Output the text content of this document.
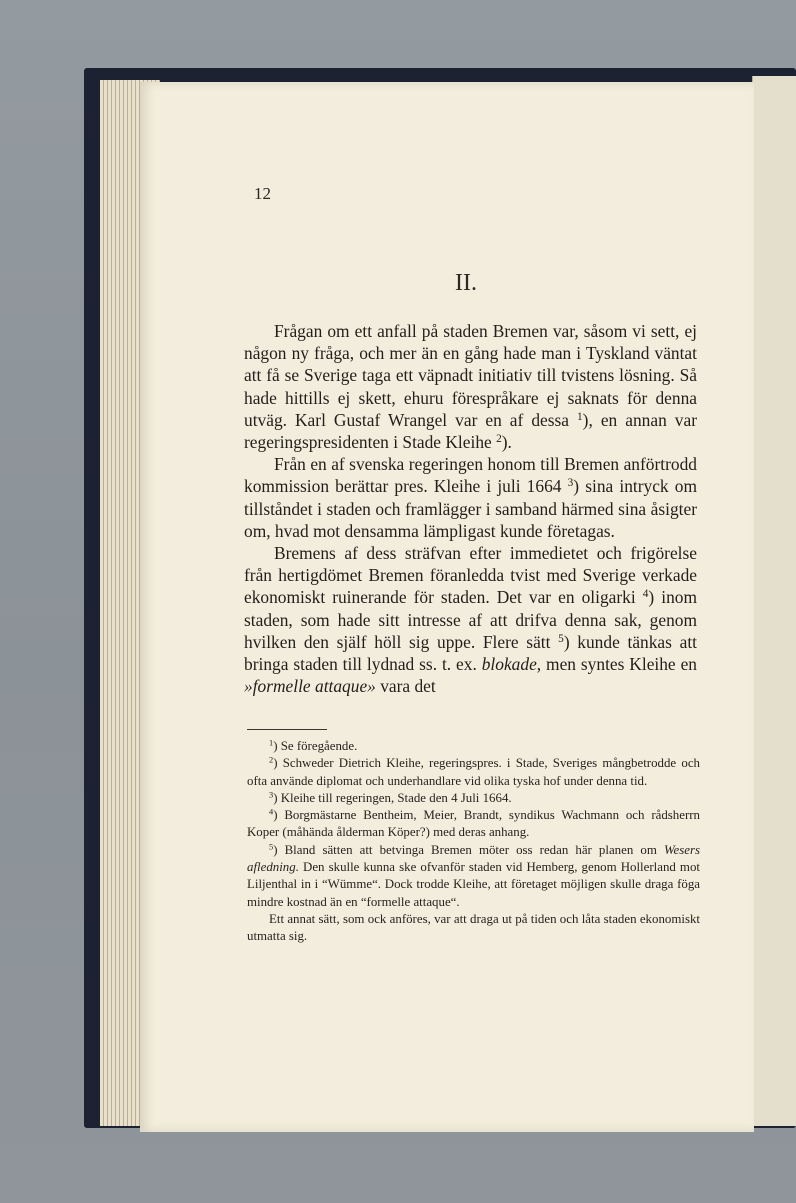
12
II.

Frågan om ett anfall på staden Bremen var, såsom vi sett, ej någon ny fråga, och mer än en gång hade man i Tyskland väntat att få se Sverige taga ett väpnadt initiativ till tvistens lösning. Så hade hittills ej skett, ehuru förespråkare ej saknats för denna utväg. Karl Gustaf Wrangel var en af dessa $^1$), en annan var regeringspresidenten i Stade Kleihe $^2$).

Från en af svenska regeringen honom till Bremen anförtrodd kommission berättar pres. Kleihe i juli 1664 $^3$) sina intryck om tillståndet i staden och framlägger i samband härmed sina åsigter om, hvad mot densamma lämpligast kunde företagas.

Bremens af dess sträfvan efter immedietet och frigörelse från hertigdömet Bremen föranledda tvist med Sverige verkade ekonomiskt ruinerande för staden. Det var en oligarki $^4$) inom staden, som hade sitt intresse af att drifva denna sak, genom hvilken den själf höll sig uppe. Flere sätt $^5$) kunde tänkas att bringa staden till lydnad ss. t. ex. blokade, men syntes Kleihe en »formelle attaque» vara det

$^1$) Se föregående.

$^2$) Schweder Dietrich Kleihe, regeringspres. i Stade, Sveriges mångbetrodde och ofta använde diplomat och underhandlare vid olika tyska hof under denna tid.

$^3$) Kleihe till regeringen, Stade den 4 Juli 1664.

$^4$) Borgmästarne Bentheim, Meier, Brandt, syndikus Wachmann och rådsherrn Koper (måhända ålderman Köper?) med deras anhang.

$^5$) Bland sätten att betvinga Bremen möter oss redan här planen om Wesers afledning. Den skulle kunna ske ofvanför staden vid Hemberg, genom Hollerland mot Liljenthal in i “Wümme“. Dock trodde Kleihe, att företaget möjligen skulle draga föga mindre kostnad än en “formelle attaque“.

Ett annat sätt, som ock anföres, var att draga ut på tiden och låta staden ekonomiskt utmatta sig.
